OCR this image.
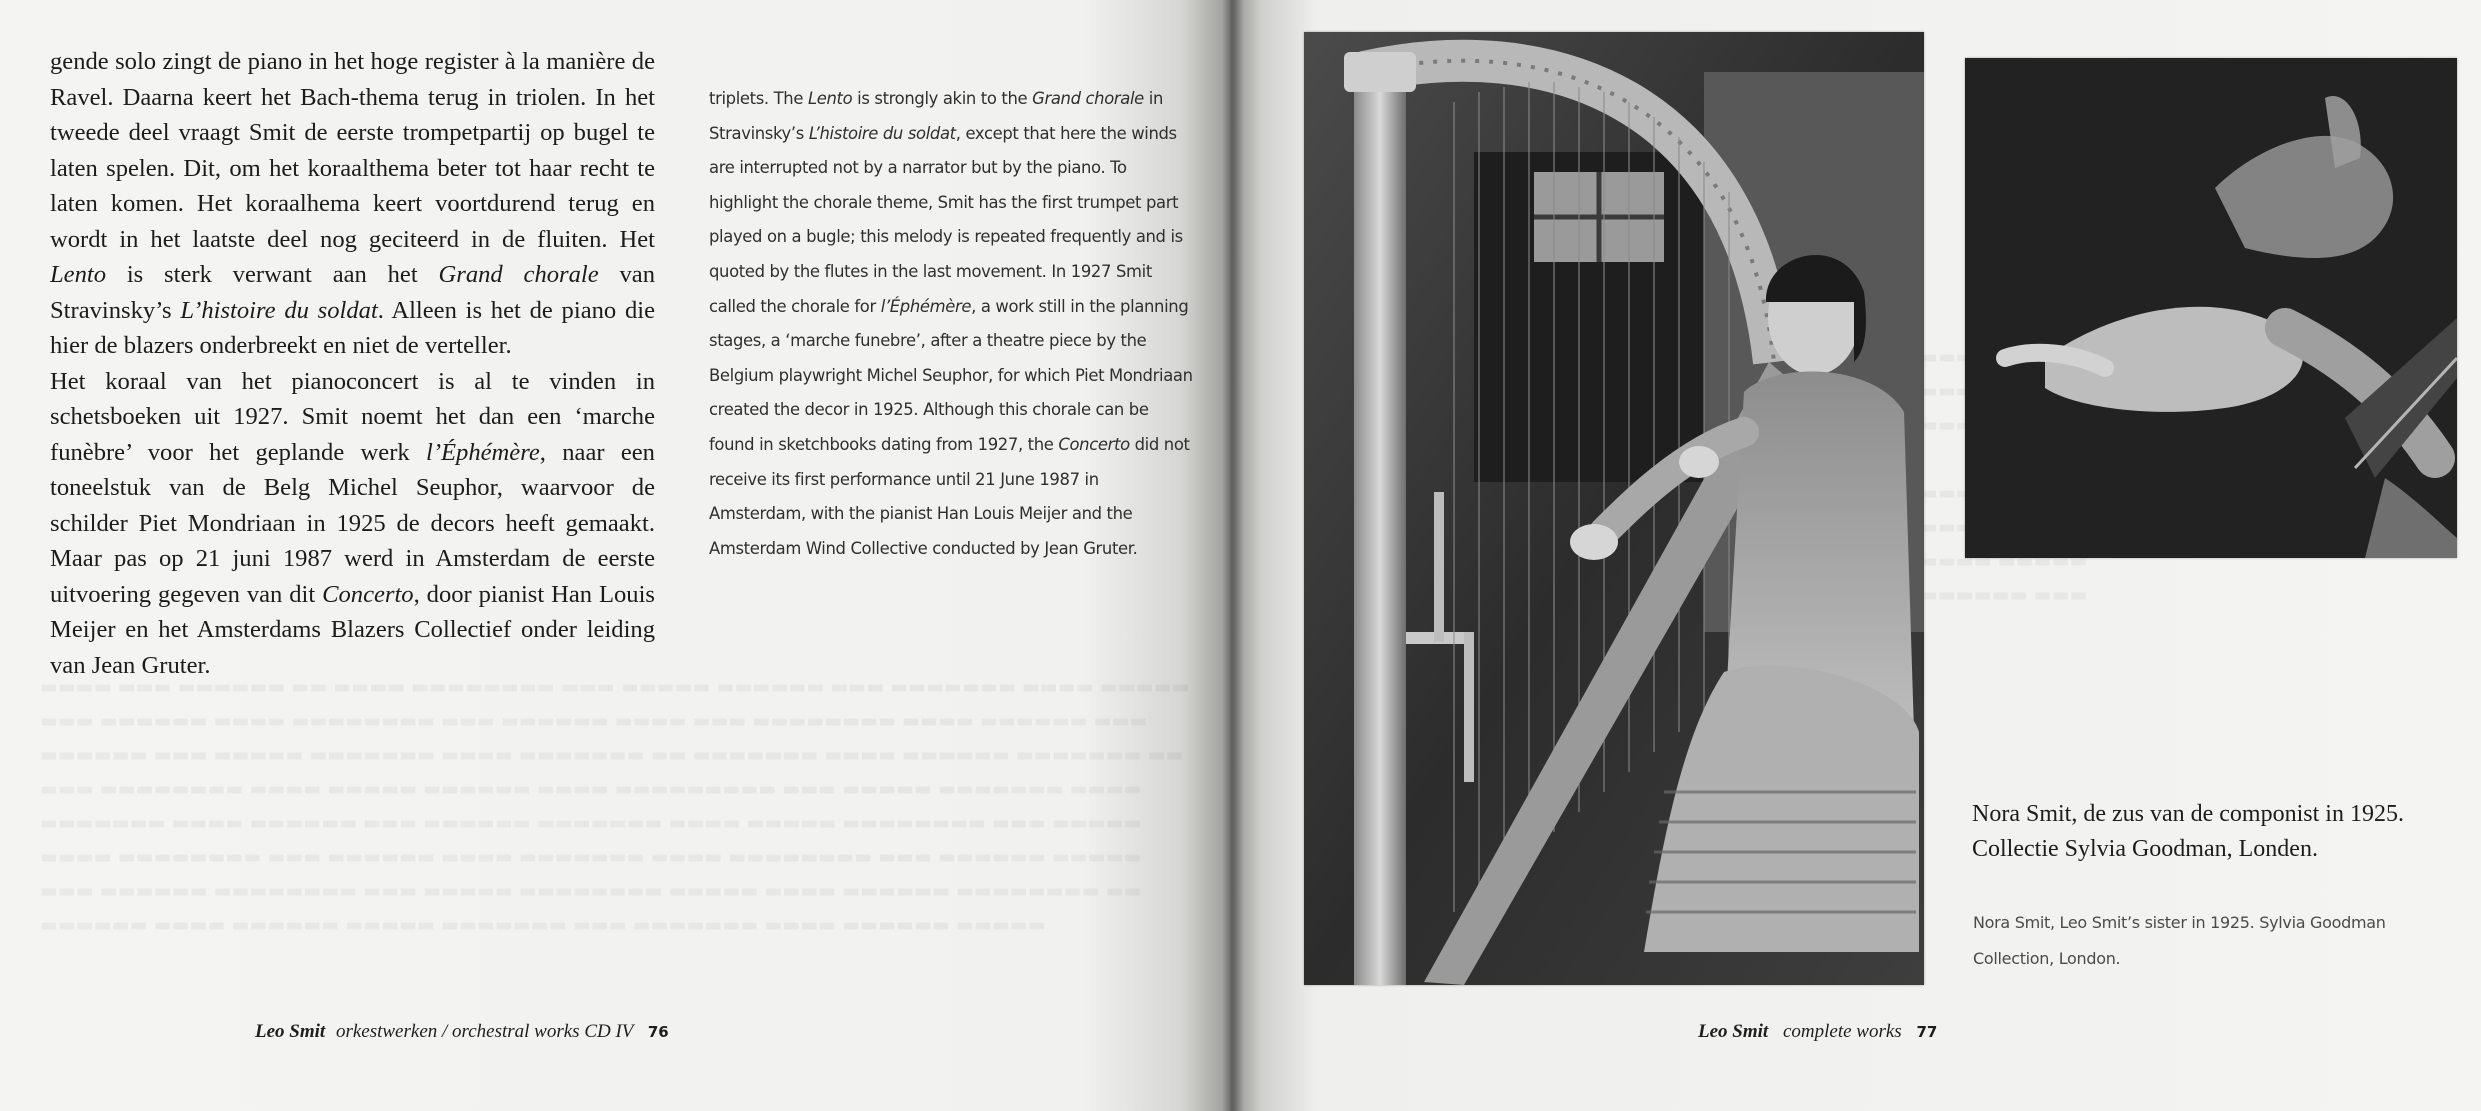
gende solo zingt de piano in het hoge register à la manière de Ravel. Daarna keert het Bach-thema terug in triolen. In het tweede deel vraagt Smit de eerste trompetpartij op bugel te laten spelen. Dit, om het koraalthema beter tot haar recht te laten komen. Het koraalhema keert voortdurend terug en wordt in het laatste deel nog geciteerd in de fluiten. Het Lento is sterk verwant aan het Grand chorale van Stravinsky’s L’histoire du soldat. Alleen is het de piano die hier de blazers onderbreekt en niet de verteller.

Het koraal van het pianoconcert is al te vinden in schetsboeken uit 1927. Smit noemt het dan een ‘marche funèbre’ voor het geplande werk l’Éphémère, naar een toneelstuk van de Belg Michel Seuphor, waarvoor de schilder Piet Mondriaan in 1925 de decors heeft gemaakt. Maar pas op 21 juni 1987 werd in Amsterdam de eerste uitvoering gegeven van dit Concerto, door pianist Han Louis Meijer en het Amsterdams Blazers Collectief onder leiding van Jean Gruter.

triplets. The Lento is strongly akin to the Grand chorale in Stravinsky’s L’histoire du soldat, except that here the winds are interrupted not by a narrator but by the piano. To highlight the chorale theme, Smit has the first trumpet part played on a bugle; this melody is repeated frequently and is quoted by the flutes in the last movement. In 1927 Smit called the chorale for l’Éphémère, a work still in the planning stages, a ‘marche funebre’, after a theatre piece by the Belgium playwright Michel Seuphor, for which Piet Mondriaan created the decor in 1925. Although this chorale can be found in sketchbooks dating from 1927, the Concerto did not receive its first performance until 21 June 1987 in Amsterdam, with the pianist Han Louis Meijer and the Amsterdam Wind Collective conducted by Jean Gruter.

Leo Smit orkestwerken / orchestral works CD IV 76

Nora Smit, de zus van de componist in 1925. Collectie Sylvia Goodman, Londen.
Nora Smit, Leo Smit’s sister in 1925. Sylvia Goodman Collection, London.
Leo Smit complete works 77
